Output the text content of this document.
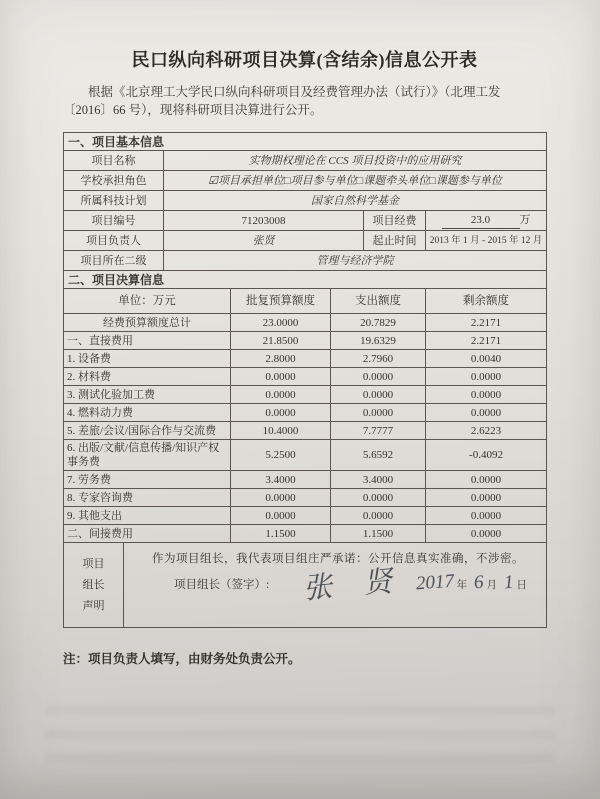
民口纵向科研项目决算(含结余)信息公开表
根据《北京理工大学民口纵向科研项目及经费管理办法（试行）》（北理工发
〔2016〕66 号），现将科研项目决算进行公开。
一、项目基本信息						
项目名称		实物期权理论在 CCS 项目投资中的应用研究				
学校承担角色		☑项目承担单位□项目参与单位□课题牵头单位□课题参与单位				
所属科技计划		国家自然科学基金				
项目编号		71203008			项目经费	23.0 万
项目负责人		张贤			起止时间	2013 年 1 月 - 2015 年 12 月
项目所在二级		管理与经济学院				
二、项目决算信息						
单位：万元			批复预算额度	支出额度		剩余额度
经费预算额度总计			23.0000	20.7829		2.2171
一、直接费用			21.8500	19.6329		2.2171
1. 设备费			2.8000	2.7960		0.0040
2. 材料费			0.0000	0.0000		0.0000
3. 测试化验加工费			0.0000	0.0000		0.0000
4. 燃料动力费			0.0000	0.0000		0.0000
5. 差旅/会议/国际合作与交流费			10.4000	7.7777		2.6223
6. 出版/文献/信息传播/知识产权事务费			5.2500	5.6592		-0.4092
7. 劳务费			3.4000	3.4000		0.0000
8. 专家咨询费			0.0000	0.0000		0.0000
9. 其他支出			0.0000	0.0000		0.0000
二、间接费用			1.1500	1.1500		0.0000

项目
组长
声明

作为项目组长，我代表项目组庄严承诺：公开信息真实准确，不涉密。
项目组长（签字）: 张 贤 2017 年 6 月 1 日
注：项目负责人填写，由财务处负责公开。
